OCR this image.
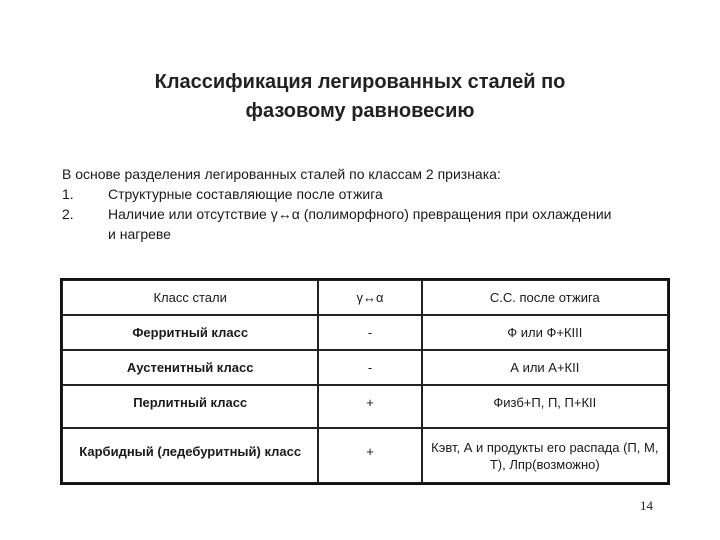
Классификация легированных сталей по
фазовому равновесию
В основе разделения легированных сталей по классам 2 признака:
1.	Структурные составляющие после отжига
2.	Наличие или отсутствие γ↔α (полиморфного) превращения при охлаждении и нагреве
Класс стали	γ↔α	С.С. после отжига
Ферритный класс	-	Ф или Ф+КIII
Аустенитный класс	-	А или А+КII
Перлитный класс	+	Физб+П, П, П+КII
Карбидный (ледебуритный) класс	+	Кэвт, А и продукты его распада (П, М, Т), Лпр(возможно)
14
